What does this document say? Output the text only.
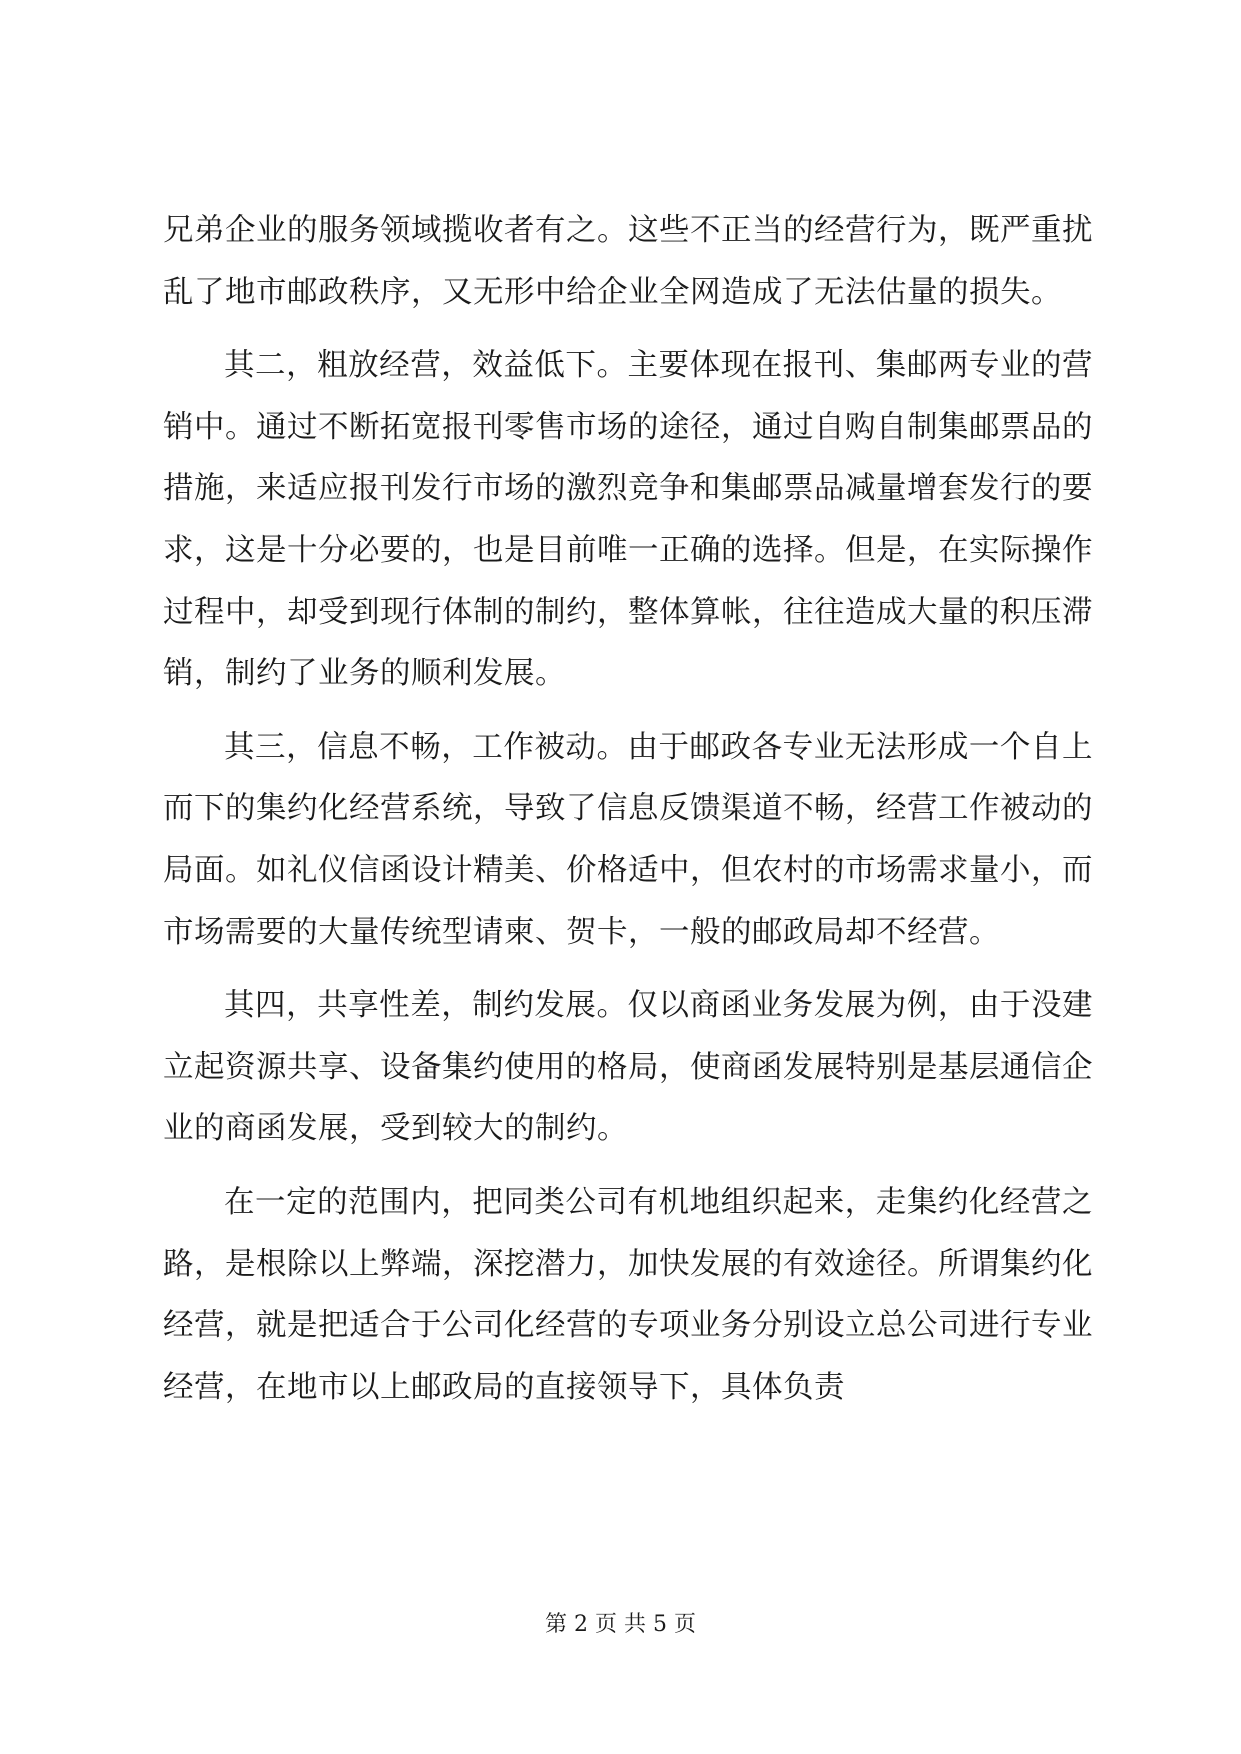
兄弟企业的服务领域揽收者有之。这些不正当的经营行为，既严重扰乱了地市邮政秩序，又无形中给企业全网造成了无法估量的损失。

其二，粗放经营，效益低下。主要体现在报刊、集邮两专业的营销中。通过不断拓宽报刊零售市场的途径，通过自购自制集邮票品的措施，来适应报刊发行市场的激烈竞争和集邮票品减量增套发行的要求，这是十分必要的，也是目前唯一正确的选择。但是，在实际操作过程中，却受到现行体制的制约，整体算帐，往往造成大量的积压滞销，制约了业务的顺利发展。

其三，信息不畅，工作被动。由于邮政各专业无法形成一个自上而下的集约化经营系统，导致了信息反馈渠道不畅，经营工作被动的局面。如礼仪信函设计精美、价格适中，但农村的市场需求量小，而市场需要的大量传统型请柬、贺卡，一般的邮政局却不经营。

其四，共享性差，制约发展。仅以商函业务发展为例，由于没建立起资源共享、设备集约使用的格局，使商函发展特别是基层通信企业的商函发展，受到较大的制约。

在一定的范围内，把同类公司有机地组织起来，走集约化经营之路，是根除以上弊端，深挖潜力，加快发展的有效途径。所谓集约化经营，就是把适合于公司化经营的专项业务分别设立总公司进行专业经营，在地市以上邮政局的直接领导下，具体负责

第 2 页 共 5 页
